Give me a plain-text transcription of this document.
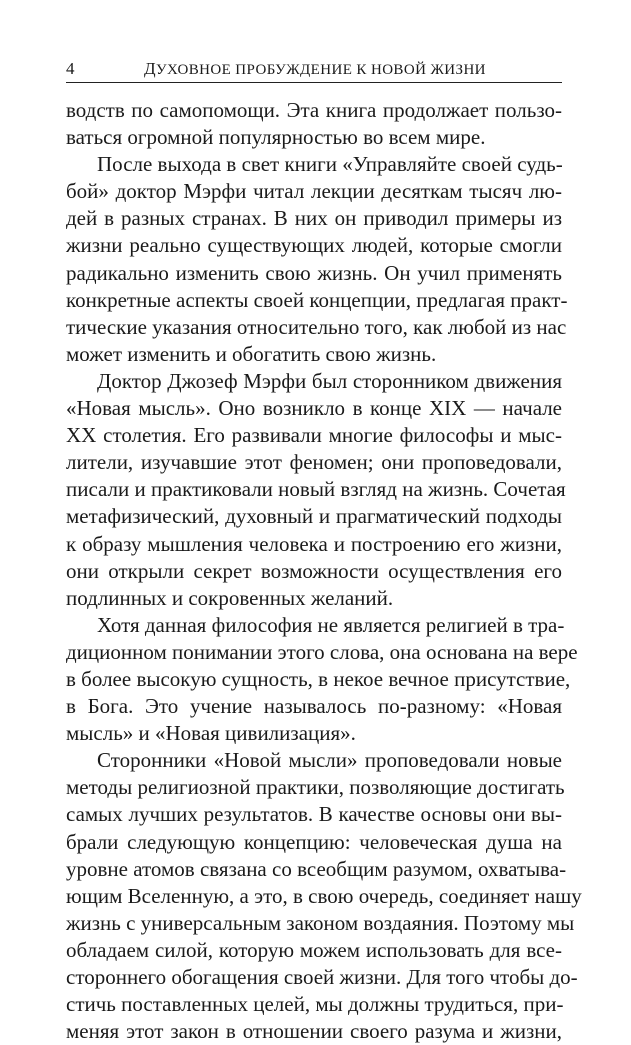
4	ДУХОВНОЕ ПРОБУЖДЕНИЕ К НОВОЙ ЖИЗНИ
водств по самопомощи. Эта книга продолжает пользо-
ваться огромной популярностью во всем мире.
После выхода в свет книги «Управляйте своей судь-
бой» доктор Мэрфи читал лекции десяткам тысяч лю-
дей в разных странах. В них он приводил примеры из
жизни реально существующих людей, которые смогли
радикально изменить свою жизнь. Он учил применять
конкретные аспекты своей концепции, предлагая практ-
тические указания относительно того, как любой из нас
может изменить и обогатить свою жизнь.
Доктор Джозеф Мэрфи был сторонником движения
«Новая мысль». Оно возникло в конце XIX — начале
XX столетия. Его развивали многие философы и мыс-
лители, изучавшие этот феномен; они проповедовали,
писали и практиковали новый взгляд на жизнь. Сочетая
метафизический, духовный и прагматический подходы
к образу мышления человека и построению его жизни,
они открыли секрет возможности осуществления его
подлинных и сокровенных желаний.
Хотя данная философия не является религией в тра-
диционном понимании этого слова, она основана на вере
в более высокую сущность, в некое вечное присутствие,
в Бога. Это учение называлось по-разному: «Новая
мысль» и «Новая цивилизация».
Сторонники «Новой мысли» проповедовали новые
методы религиозной практики, позволяющие достигать
самых лучших результатов. В качестве основы они вы-
брали следующую концепцию: человеческая душа на
уровне атомов связана со всеобщим разумом, охватыва-
ющим Вселенную, а это, в свою очередь, соединяет нашу
жизнь с универсальным законом воздаяния. Поэтому мы
обладаем силой, которую можем использовать для все-
стороннего обогащения своей жизни. Для того чтобы до-
стичь поставленных целей, мы должны трудиться, при-
меняя этот закон в отношении своего разума и жизни,
